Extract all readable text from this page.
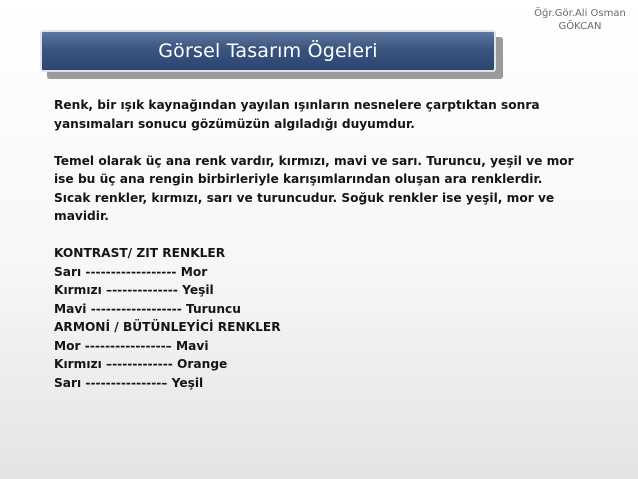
Öğr.Gör.Ali Osman
GÖKCAN
Görsel Tasarım Ögeleri

Renk, bir ışık kaynağından yayılan ışınların nesnelere çarptıktan sonra

yansımaları sonucu gözümüzün algıladığı duyumdur.

Temel olarak üç ana renk vardır, kırmızı, mavi ve sarı. Turuncu, yeşil ve mor

ise bu üç ana rengin birbirleriyle karışımlarından oluşan ara renklerdir.

Sıcak renkler, kırmızı, sarı ve turuncudur. Soğuk renkler ise yeşil, mor ve

mavidir.

KONTRAST/ ZIT RENKLER

Sarı ------------------ Mor

Kırmızı –------------- Yeşil

Mavi ------------------ Turuncu

ARMONİ / BÜTÜNLEYİCİ RENKLER

Mor ----------------– Mavi

Kırmızı –------------ Orange

Sarı ---------------– Yeşil
